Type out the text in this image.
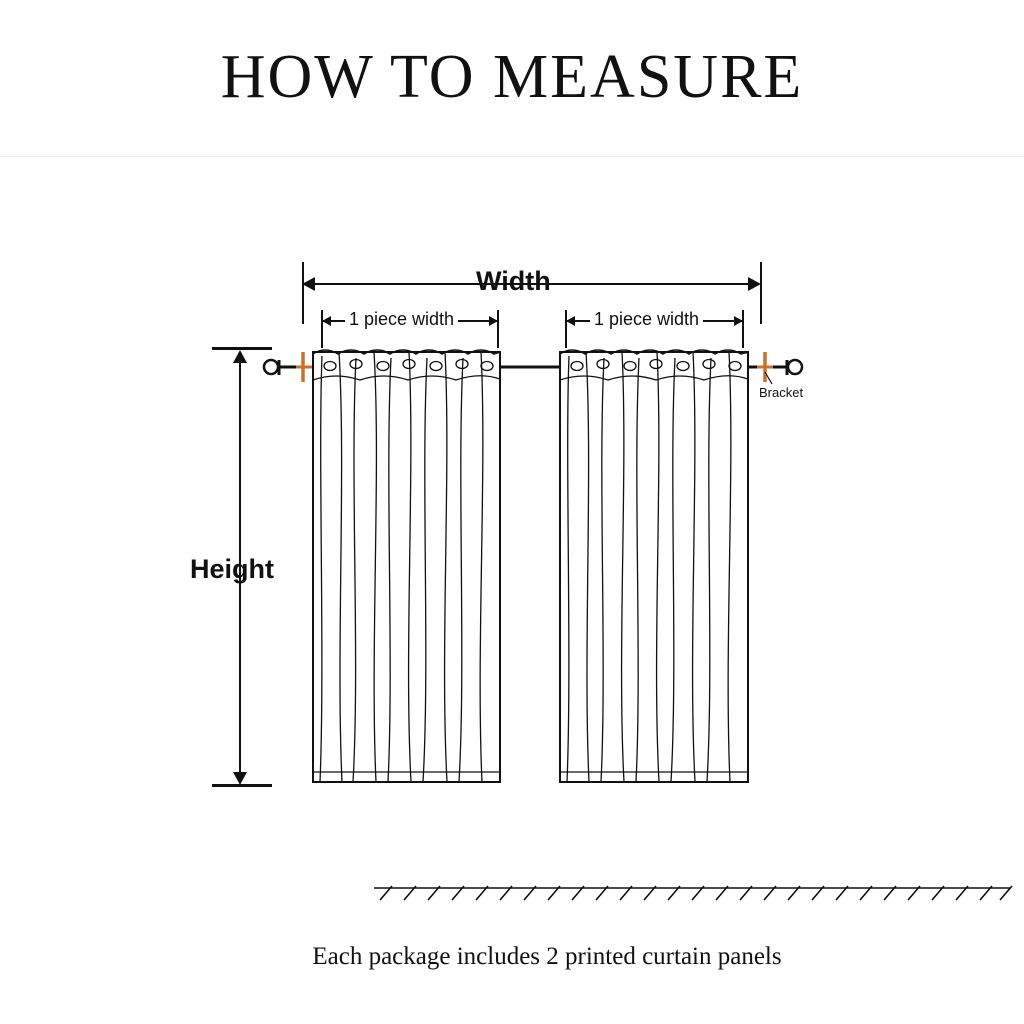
HOW TO MEASURE
Width
1 piece width	1 piece width
Height
Bracket
Each package includes 2 printed curtain panels
